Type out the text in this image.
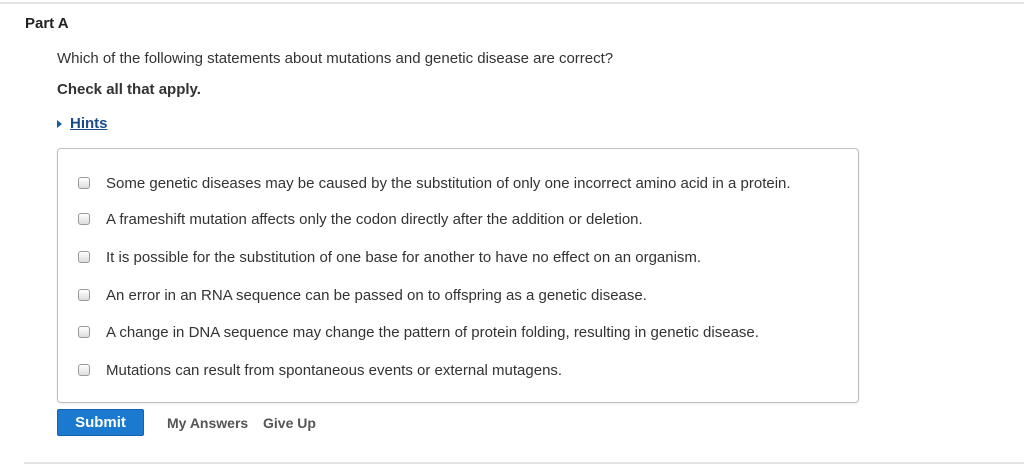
Part A
Which of the following statements about mutations and genetic disease are correct?
Check all that apply.
Hints
Some genetic diseases may be caused by the substitution of only one incorrect amino acid in a protein.
A frameshift mutation affects only the codon directly after the addition or deletion.
It is possible for the substitution of one base for another to have no effect on an organism.
An error in an RNA sequence can be passed on to offspring as a genetic disease.
A change in DNA sequence may change the pattern of protein folding, resulting in genetic disease.
Mutations can result from spontaneous events or external mutagens.
Submit	My Answers Give Up
